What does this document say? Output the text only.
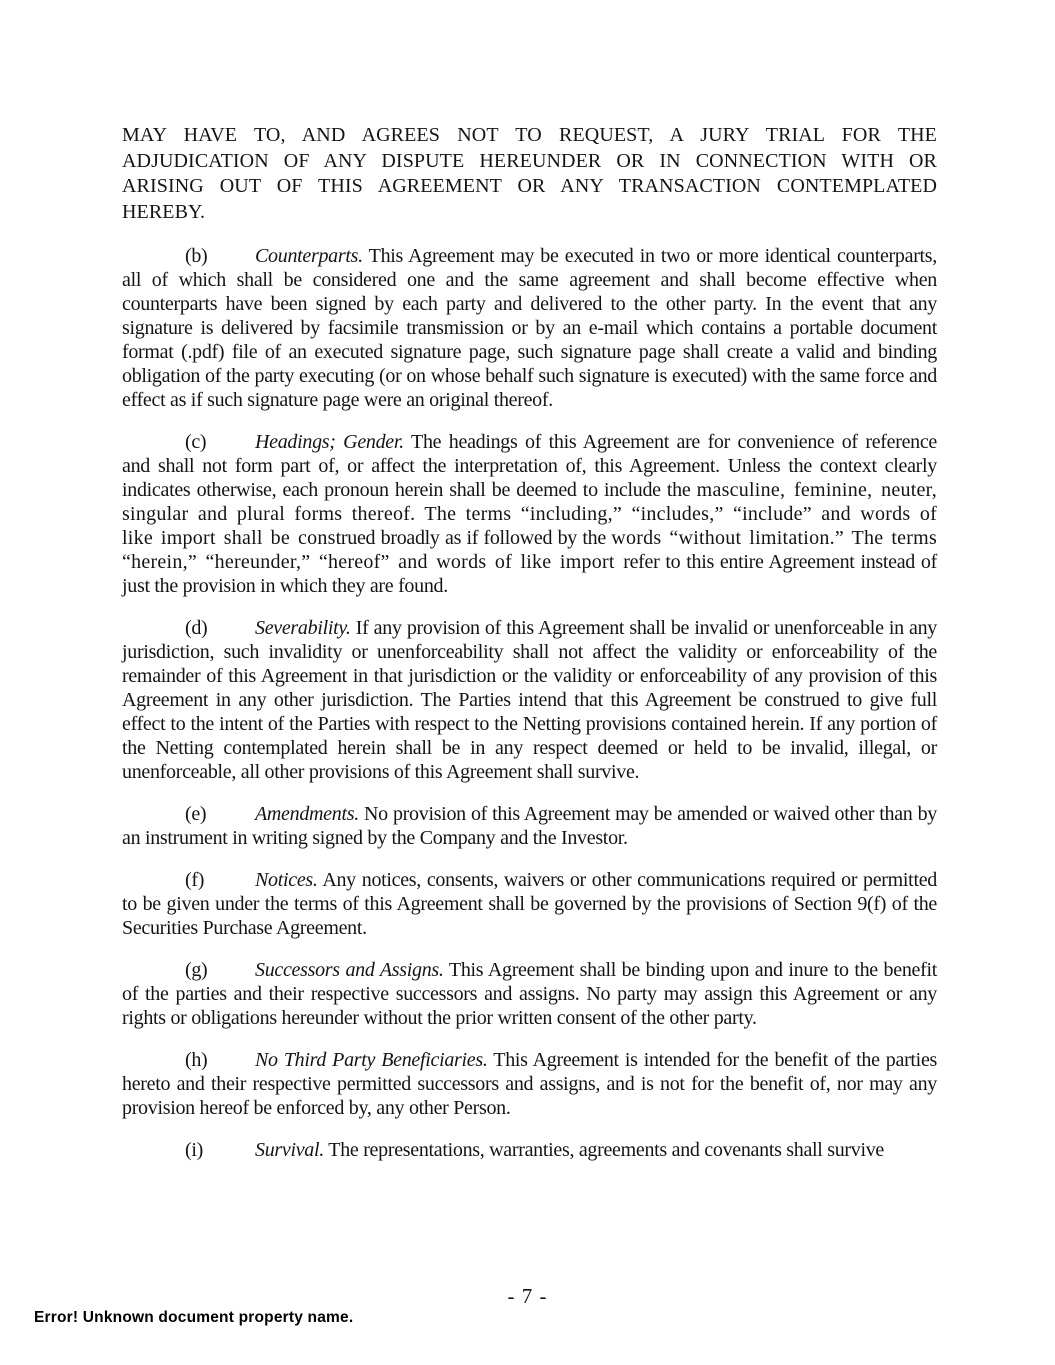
MAY HAVE TO, AND AGREES NOT TO REQUEST, A JURY TRIAL FOR THE ADJUDICATION OF ANY DISPUTE HEREUNDER OR IN CONNECTION WITH OR ARISING OUT OF THIS AGREEMENT OR ANY TRANSACTION CONTEMPLATED HEREBY.

(b) Counterparts. This Agreement may be executed in two or more identical counterparts, all of which shall be considered one and the same agreement and shall become effective when counterparts have been signed by each party and delivered to the other party. In the event that any signature is delivered by facsimile transmission or by an e-mail which contains a portable document format (.pdf) file of an executed signature page, such signature page shall create a valid and binding obligation of the party executing (or on whose behalf such signature is executed) with the same force and effect as if such signature page were an original thereof.

(c) Headings; Gender. The headings of this Agreement are for convenience of reference and shall not form part of, or affect the interpretation of, this Agreement. Unless the context clearly indicates otherwise, each pronoun herein shall be deemed to include the masculine, feminine, neuter, singular and plural forms thereof. The terms “including,” “includes,” “include” and words of like import shall be construed broadly as if followed by the words “without limitation.” The terms “herein,” “hereunder,” “hereof” and words of like import refer to this entire Agreement instead of just the provision in which they are found.

(d) Severability. If any provision of this Agreement shall be invalid or unenforceable in any jurisdiction, such invalidity or unenforceability shall not affect the validity or enforceability of the remainder of this Agreement in that jurisdiction or the validity or enforceability of any provision of this Agreement in any other jurisdiction. The Parties intend that this Agreement be construed to give full effect to the intent of the Parties with respect to the Netting provisions contained herein. If any portion of the Netting contemplated herein shall be in any respect deemed or held to be invalid, illegal, or unenforceable, all other provisions of this Agreement shall survive.

(e) Amendments. No provision of this Agreement may be amended or waived other than by an instrument in writing signed by the Company and the Investor.

(f)	Notices. Any notices, consents, waivers or other communications required or permitted to be given under the terms of this Agreement shall be governed by the provisions of Section 9(f) of the Securities Purchase Agreement.

(g) Successors and Assigns. This Agreement shall be binding upon and inure to the benefit of the parties and their respective successors and assigns. No party may assign this Agreement or any rights or obligations hereunder without the prior written consent of the other party.

(h) No Third Party Beneficiaries. This Agreement is intended for the benefit of the parties hereto and their respective permitted successors and assigns, and is not for the benefit of, nor may any provision hereof be enforced by, any other Person.

(i)	Survival. The representations, warranties, agreements and covenants shall survive

- 7 -
Error! Unknown document property name.
